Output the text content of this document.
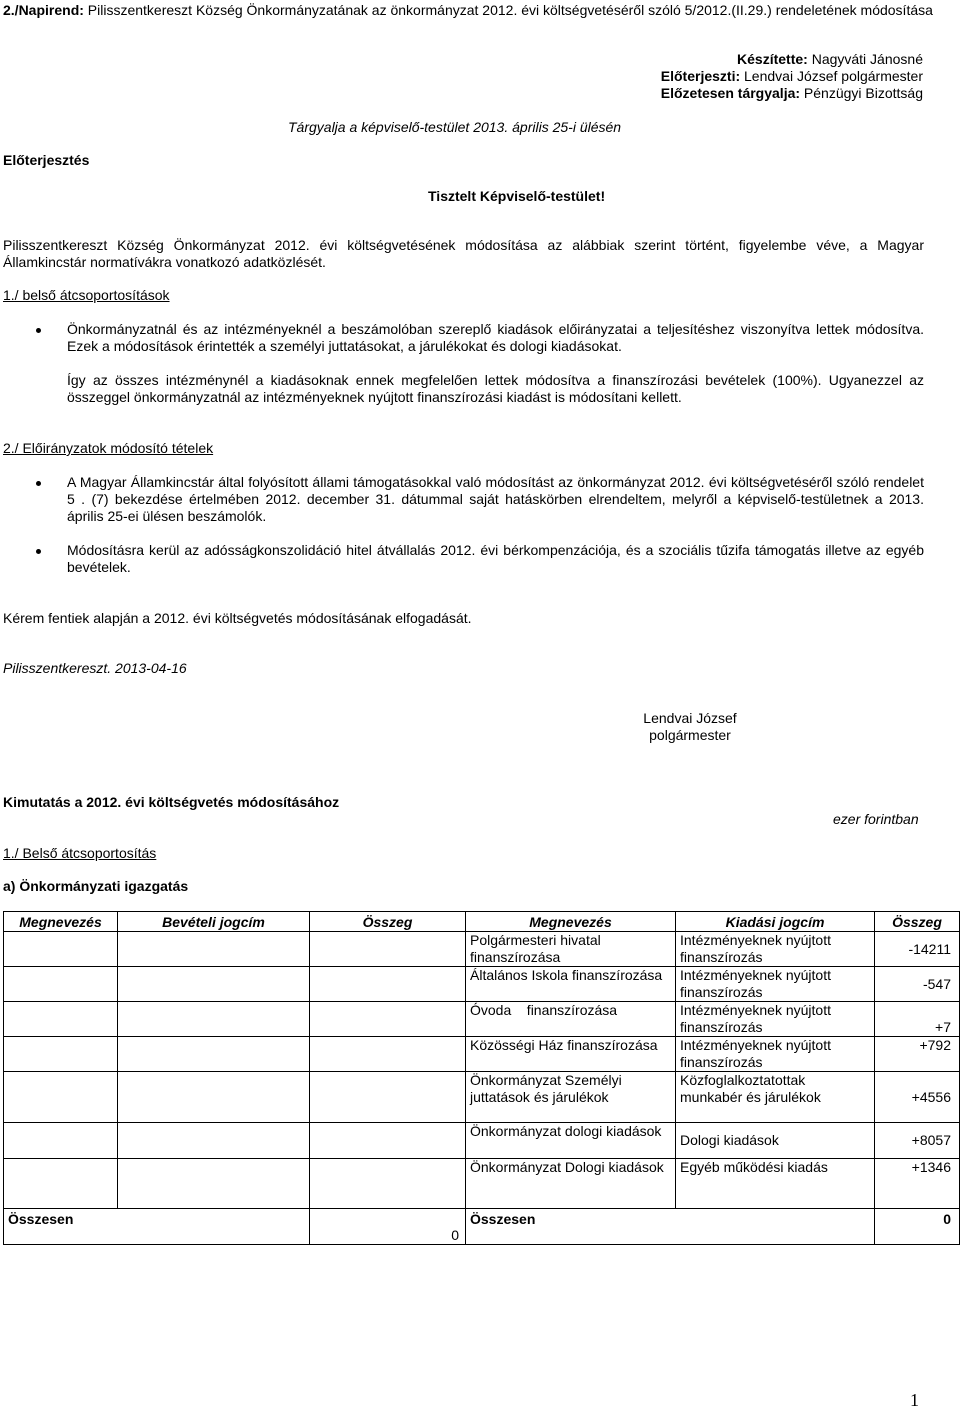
2./Napirend: Pilisszentkereszt Község Önkormányzatának az önkormányzat 2012. évi költségvetéséről szóló 5/2012.(II.29.) rendeletének módosítása
Készítette: Nagyváti Jánosné
Előterjeszti: Lendvai József polgármester
Előzetesen tárgyalja: Pénzügyi Bizottság
Tárgyalja a képviselő-testület 2013. április 25-i ülésén
Előterjesztés
Tisztelt Képviselő-testület!
Pilisszentkereszt Község Önkormányzat 2012. évi költségvetésének módosítása az alábbiak szerint történt, figyelembe véve, a Magyar Államkincstár normatívákra vonatkozó adatközlését.
1./ belső átcsoportosítások
Önkormányzatnál és az intézményeknél a beszámolóban szereplő kiadások előirányzatai a teljesítéshez viszonyítva lettek módosítva. Ezek a módosítások érintették a személyi juttatásokat, a járulékokat és dologi kiadásokat.
Így az összes intézménynél a kiadásoknak ennek megfelelően lettek módosítva a finanszírozási bevételek (100%). Ugyanezzel az összeggel önkormányzatnál az intézményeknek nyújtott finanszírozási kiadást is módosítani kellett.
2./ Előirányzatok módosító tételek
A Magyar Államkincstár által folyósított állami támogatásokkal való módosítást az önkormányzat 2012. évi költségvetéséről szóló rendelet 5 . (7) bekezdése értelmében 2012. december 31. dátummal saját hatáskörben elrendeltem, melyről a képviselő-testületnek a 2013. április 25-ei ülésen beszámolók.
Módosításra kerül az adósságkonszolidáció hitel átvállalás 2012. évi bérkompenzációja, és a szociális tűzifa támogatás illetve az egyéb bevételek.
Kérem fentiek alapján a 2012. évi költségvetés módosításának elfogadását.
Pilisszentkereszt. 2013-04-16
Lendvai József
polgármester
Kimutatás a 2012. évi költségvetés módosításához
ezer forintban
1./ Belső átcsoportosítás
a) Önkormányzati igazgatás
Megnevezés	Bevételi jogcím	Összeg	Megnevezés	Kiadási jogcím	Összeg
			Polgármesteri hivatal finanszírozása	Intézményeknek nyújtott finanszírozás	-14211
			Általános Iskola finanszírozása	Intézményeknek nyújtott finanszírozás	-547
			Óvoda    finanszírozása	Intézményeknek nyújtott finanszírozás	+7
			Közösségi Ház finanszírozása	Intézményeknek nyújtott finanszírozás	+792
			Önkormányzat Személyi juttatások és járulékok	Közfoglalkoztatottak munkabér és járulékok	+4556
			Önkormányzat dologi kiadások	Dologi kiadások	+8057
			Önkormányzat Dologi kiadások	Egyéb működési kiadás	+1346
Összesen		0	Összesen		0
1
